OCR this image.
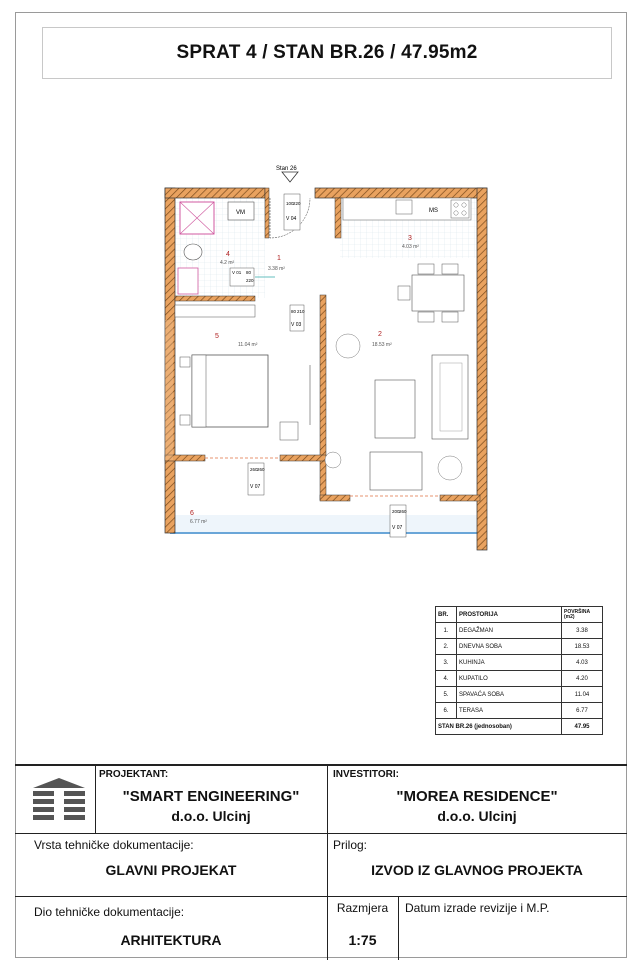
SPRAT 4 / STAN BR.26 / 47.95m2
Stan 26
100 220
V 04
VM
4
4.2 m²
V 01 80
220
1
3.38 m²
MS
3
4.03 m²
2
18.53 m²
80 210
V 03
5
11.04 m²
260 260
V 07
200 260
V 07
6
6.77 m²
BR.	PROSTORIJA	POVRŠINA (m2)
1.	DEGAŽMAN	3.38
2.	DNEVNA SOBA	18.53
3.	KUHINJA	4.03
4.	KUPATILO	4.20
5.	SPAVAĆA SOBA	11.04
6.	TERASA	6.77
STAN BR.26 (jednosoban)		47.95
PROJEKTANT:
"SMART ENGINEERING"
d.o.o. Ulcinj
INVESTITORI:
"MOREA RESIDENCE"
d.o.o. Ulcinj
Vrsta tehničke dokumentacije:
GLAVNI PROJEKAT
Prilog:
IZVOD IZ GLAVNOG PROJEKTA
Dio tehničke dokumentacije:
ARHITEKTURA
Razmjera
1:75
Datum izrade revizije i M.P.
